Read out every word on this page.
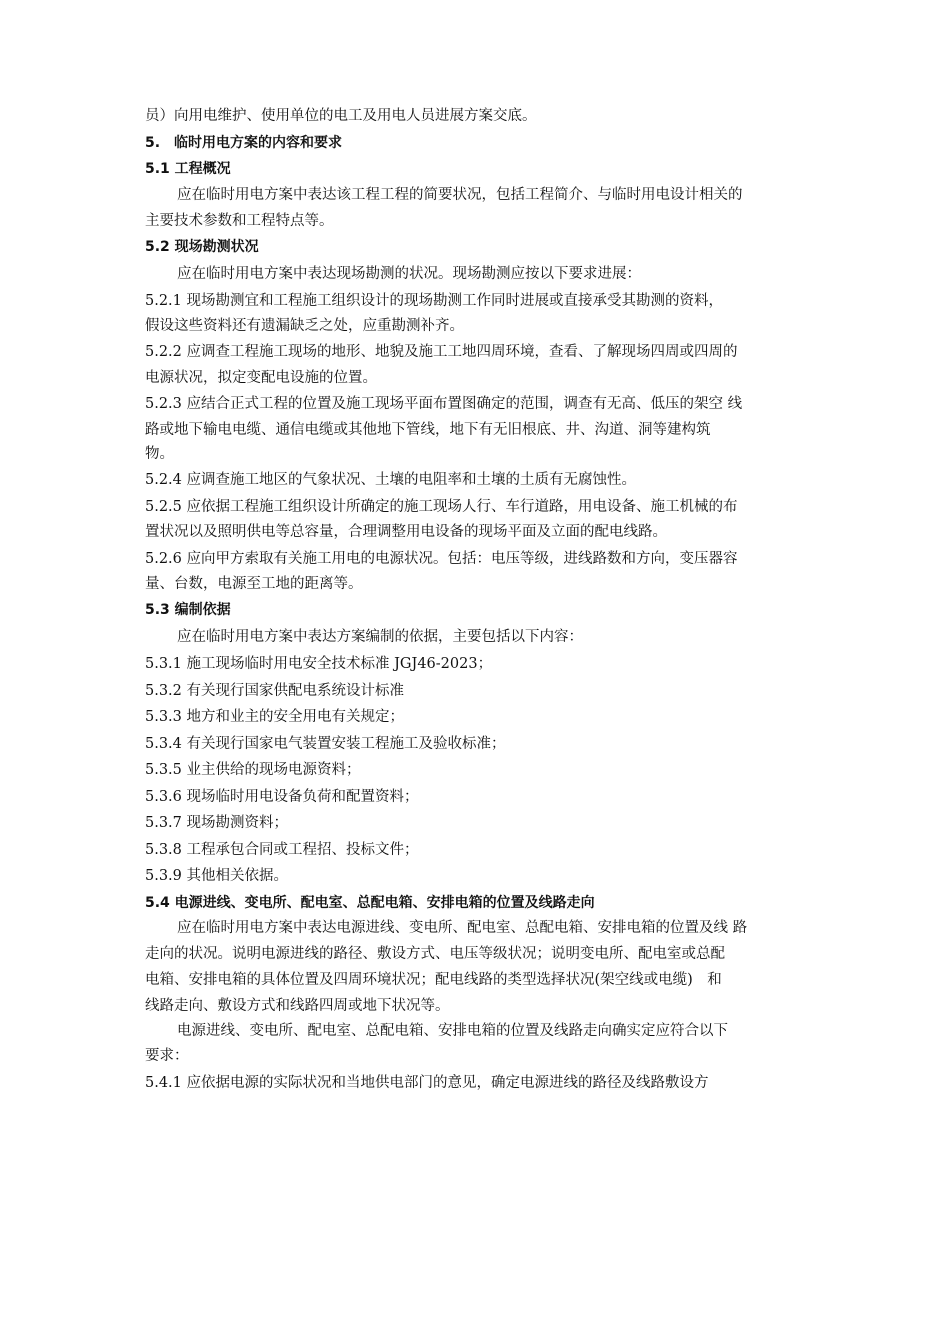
员）向用电维护、使用单位的电工及用电人员进展方案交底。
5.　临时用电方案的内容和要求
5.1 工程概况
应在临时用电方案中表达该工程工程的简要状况，包括工程简介、与临时用电设计相关的
主要技术参数和工程特点等。
5.2 现场勘测状况
应在临时用电方案中表达现场勘测的状况。现场勘测应按以下要求进展：
5.2.1 现场勘测宜和工程施工组织设计的现场勘测工作同时进展或直接承受其勘测的资料，
假设这些资料还有遗漏缺乏之处，应重勘测补齐。
5.2.2 应调查工程施工现场的地形、地貌及施工工地四周环境，查看、了解现场四周或四周的
电源状况，拟定变配电设施的位置。
5.2.3 应结合正式工程的位置及施工现场平面布置图确定的范围，调查有无高、低压的架空 线
路或地下输电电缆、通信电缆或其他地下管线，地下有无旧根底、井、沟道、洞等建构筑
物。
5.2.4 应调查施工地区的气象状况、土壤的电阻率和土壤的土质有无腐蚀性。
5.2.5 应依据工程施工组织设计所确定的施工现场人行、车行道路，用电设备、施工机械的布
置状况以及照明供电等总容量，合理调整用电设备的现场平面及立面的配电线路。
5.2.6 应向甲方索取有关施工用电的电源状况。包括：电压等级，进线路数和方向，变压器容
量、台数，电源至工地的距离等。
5.3 编制依据
应在临时用电方案中表达方案编制的依据，主要包括以下内容：
5.3.1 施工现场临时用电安全技术标准 JGJ46-2023；
5.3.2 有关现行国家供配电系统设计标准
5.3.3 地方和业主的安全用电有关规定；
5.3.4 有关现行国家电气装置安装工程施工及验收标准；
5.3.5 业主供给的现场电源资料；
5.3.6 现场临时用电设备负荷和配置资料；
5.3.7 现场勘测资料；
5.3.8 工程承包合同或工程招、投标文件；
5.3.9 其他相关依据。
5.4 电源进线、变电所、配电室、总配电箱、安排电箱的位置及线路走向
应在临时用电方案中表达电源进线、变电所、配电室、总配电箱、安排电箱的位置及线 路
走向的状况。说明电源进线的路径、敷设方式、电压等级状况；说明变电所、配电室或总配
电箱、安排电箱的具体位置及四周环境状况；配电线路的类型选择状况(架空线或电缆)　和
线路走向、敷设方式和线路四周或地下状况等。
电源进线、变电所、配电室、总配电箱、安排电箱的位置及线路走向确实定应符合以下
要求：
5.4.1 应依据电源的实际状况和当地供电部门的意见，确定电源进线的路径及线路敷设方
